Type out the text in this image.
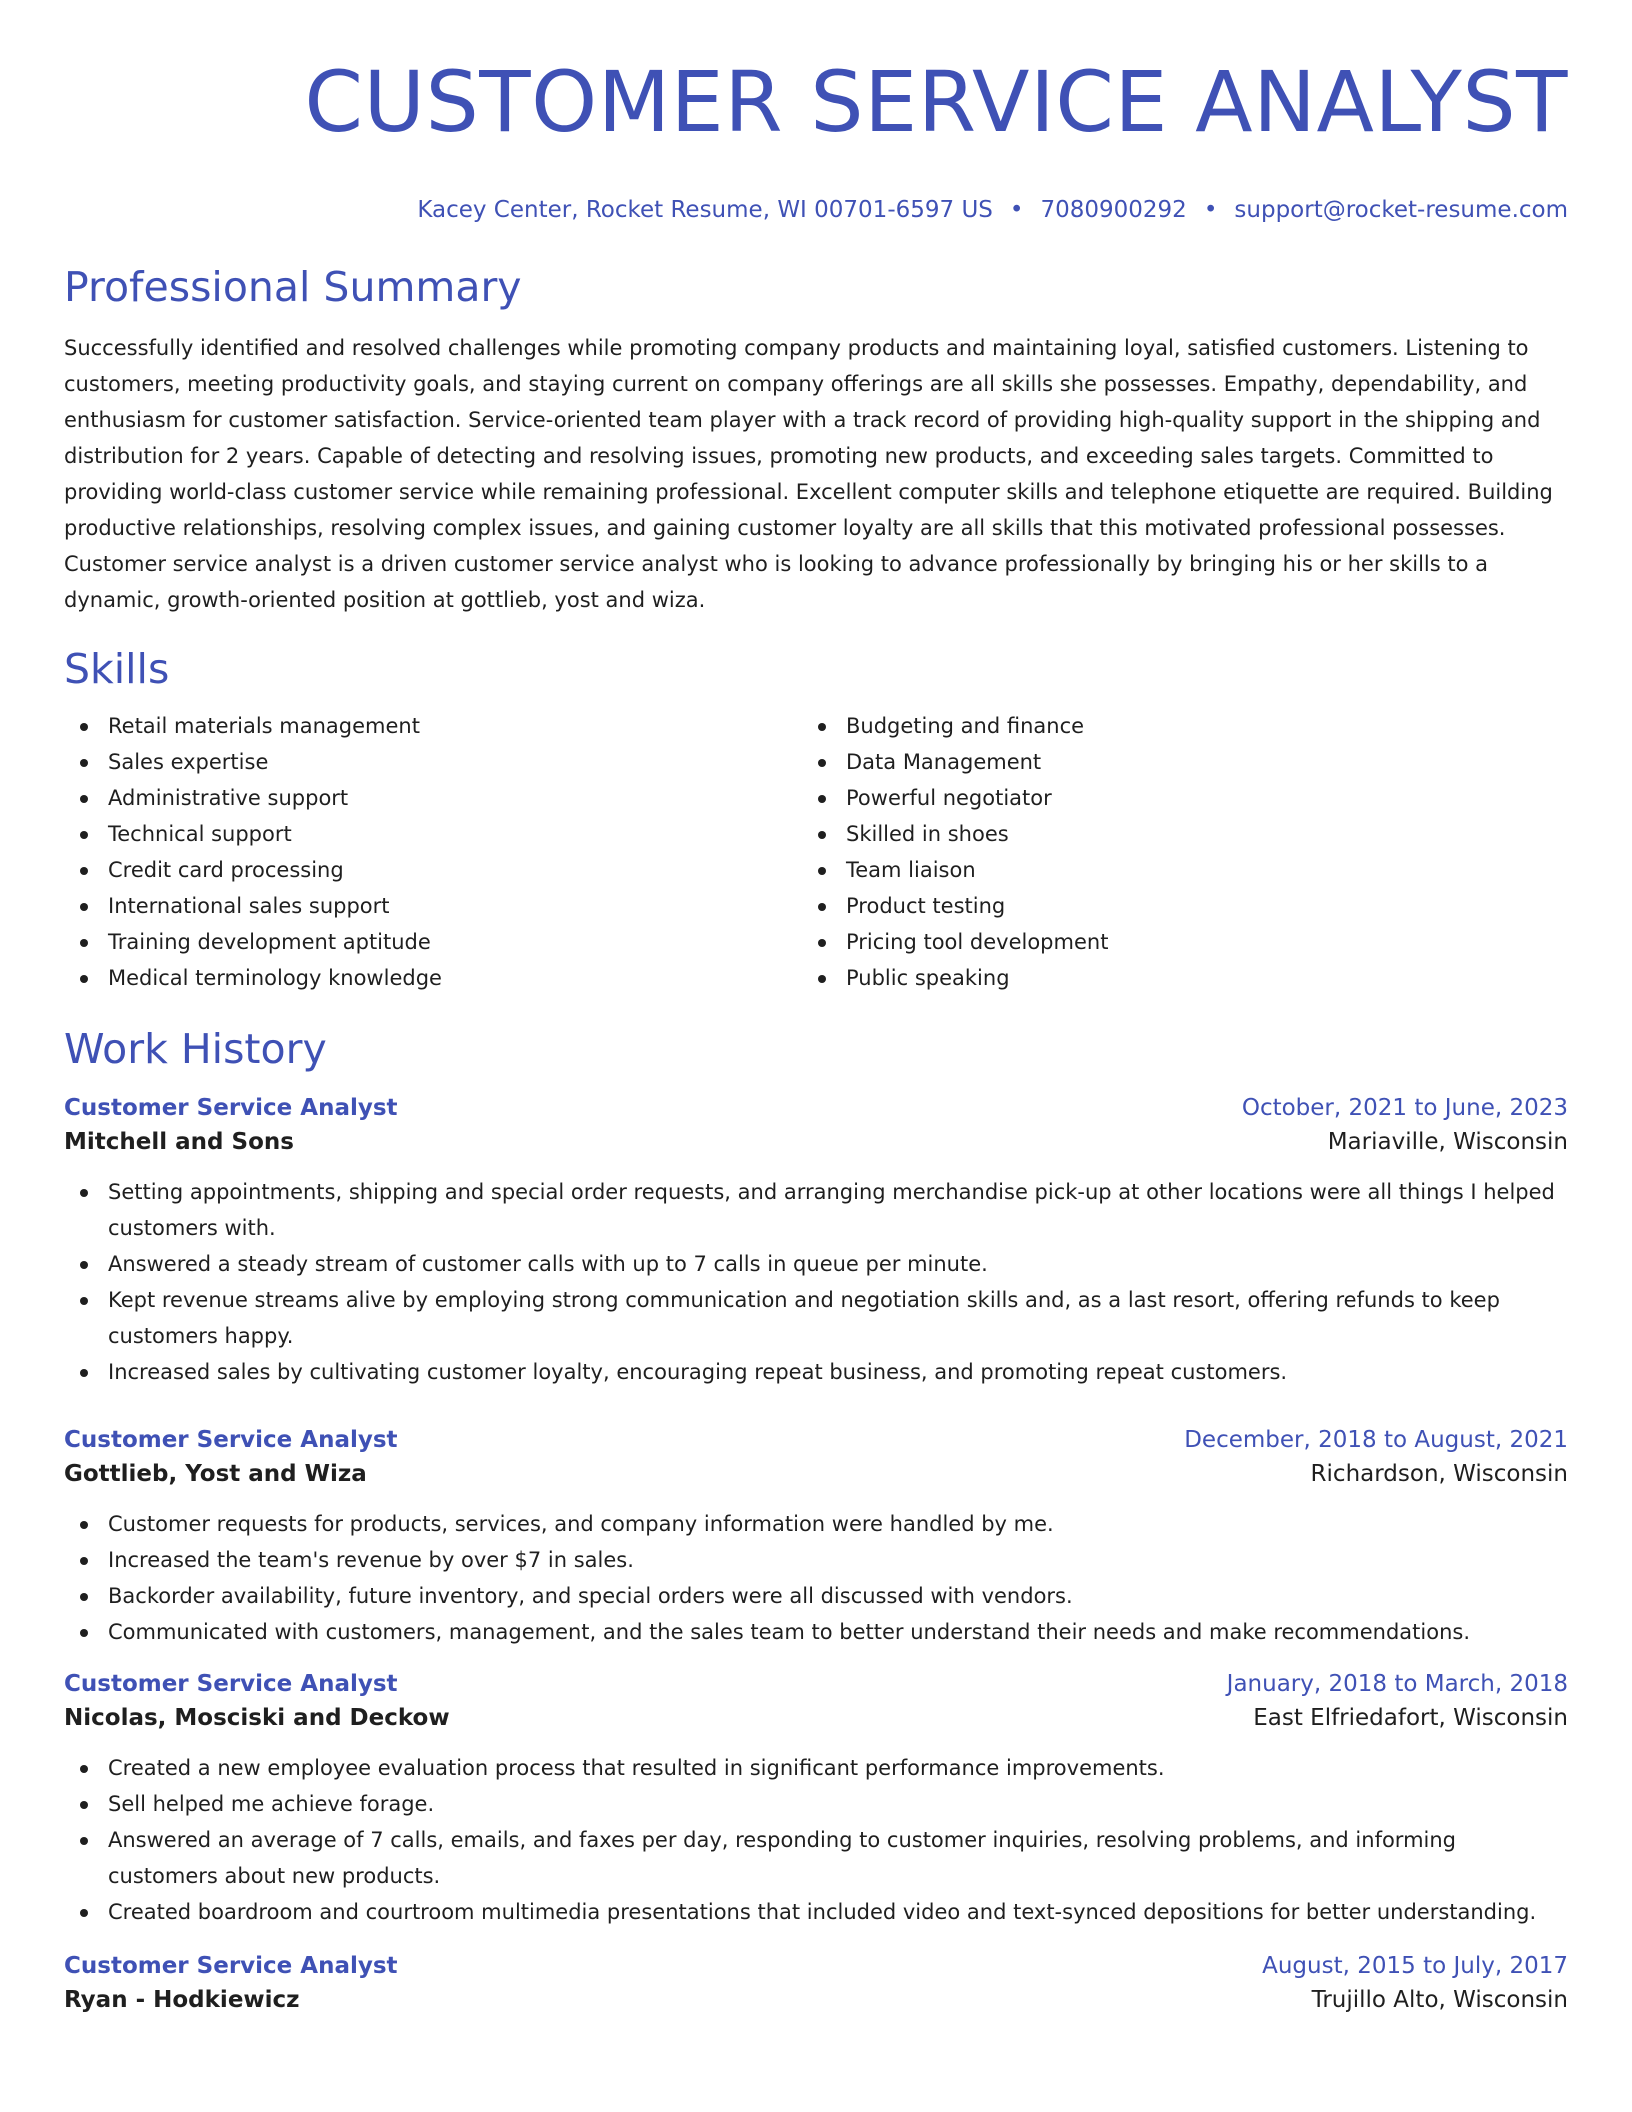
CUSTOMER SERVICE ANALYST
Kacey Center, Rocket Resume, WI 00701-6597 US • 7080900292 • support@rocket-resume.com
Professional Summary
Successfully identified and resolved challenges while promoting company products and maintaining loyal, satisfied customers. Listening to customers, meeting productivity goals, and staying current on company offerings are all skills she possesses. Empathy, dependability, and enthusiasm for customer satisfaction. Service-oriented team player with a track record of providing high-quality support in the shipping and distribution for 2 years. Capable of detecting and resolving issues, promoting new products, and exceeding sales targets. Committed to providing world-class customer service while remaining professional. Excellent computer skills and telephone etiquette are required. Building productive relationships, resolving complex issues, and gaining customer loyalty are all skills that this motivated professional possesses. Customer service analyst is a driven customer service analyst who is looking to advance professionally by bringing his or her skills to a dynamic, growth-oriented position at gottlieb, yost and wiza.
Skills
Retail materials management
Sales expertise
Administrative support
Technical support
Credit card processing
International sales support
Training development aptitude
Medical terminology knowledge
Budgeting and finance
Data Management
Powerful negotiator
Skilled in shoes
Team liaison
Product testing
Pricing tool development
Public speaking
Work History
Customer Service Analyst	October, 2021 to June, 2023
Mitchell and Sons	Mariaville, Wisconsin
Setting appointments, shipping and special order requests, and arranging merchandise pick-up at other locations were all things I helped customers with.
Answered a steady stream of customer calls with up to 7 calls in queue per minute.
Kept revenue streams alive by employing strong communication and negotiation skills and, as a last resort, offering refunds to keep customers happy.
Increased sales by cultivating customer loyalty, encouraging repeat business, and promoting repeat customers.
Customer Service Analyst	December, 2018 to August, 2021
Gottlieb, Yost and Wiza	Richardson, Wisconsin
Customer requests for products, services, and company information were handled by me.
Increased the team's revenue by over $7 in sales.
Backorder availability, future inventory, and special orders were all discussed with vendors.
Communicated with customers, management, and the sales team to better understand their needs and make recommendations.
Customer Service Analyst	January, 2018 to March, 2018
Nicolas, Mosciski and Deckow	East Elfriedafort, Wisconsin
Created a new employee evaluation process that resulted in significant performance improvements.
Sell helped me achieve forage.
Answered an average of 7 calls, emails, and faxes per day, responding to customer inquiries, resolving problems, and informing customers about new products.
Created boardroom and courtroom multimedia presentations that included video and text-synced depositions for better understanding.
Customer Service Analyst	August, 2015 to July, 2017
Ryan - Hodkiewicz	Trujillo Alto, Wisconsin
